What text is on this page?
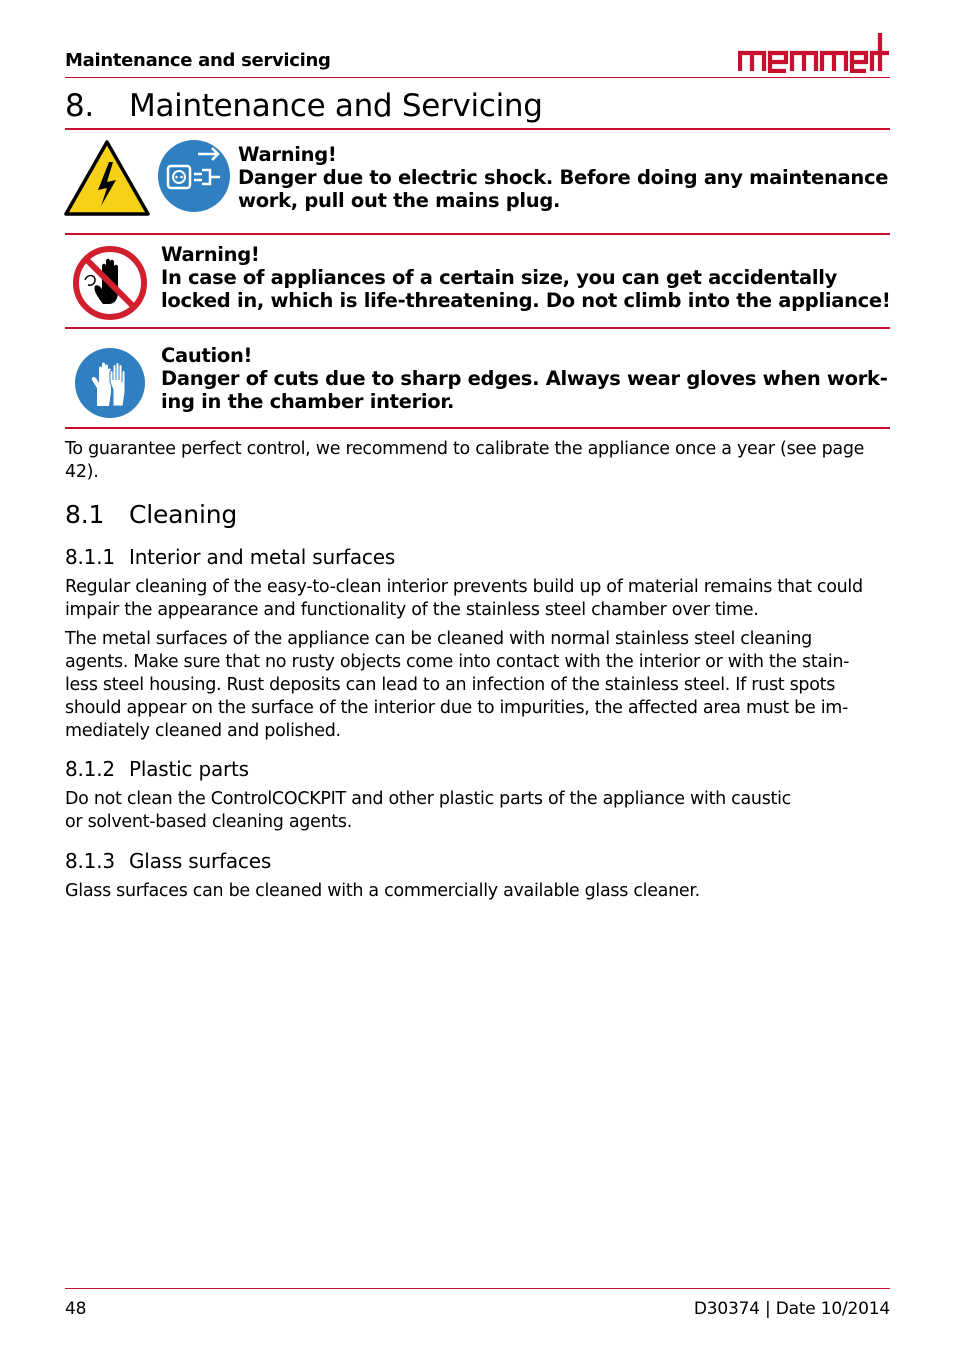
Maintenance and servicing
8. Maintenance and Servicing
Warning!
Danger due to electric shock. Before doing any maintenance
work, pull out the mains plug.
Warning!
In case of appliances of a certain size, you can get accidentally
locked in, which is life-threatening. Do not climb into the appliance!
Caution!
Danger of cuts due to sharp edges. Always wear gloves when work-
ing in the chamber interior.
To guarantee perfect control, we recommend to calibrate the appliance once a year (see page
42).
8.1 Cleaning
8.1.1 Interior and metal surfaces
Regular cleaning of the easy-to-clean interior prevents build up of material remains that could
impair the appearance and functionality of the stainless steel chamber over time.
The metal surfaces of the appliance can be cleaned with normal stainless steel cleaning
agents. Make sure that no rusty objects come into contact with the interior or with the stain-
less steel housing. Rust deposits can lead to an infection of the stainless steel. If rust spots
should appear on the surface of the interior due to impurities, the affected area must be im-
mediately cleaned and polished.
8.1.2 Plastic parts
Do not clean the ControlCOCKPIT and other plastic parts of the appliance with caustic
or solvent-based cleaning agents.
8.1.3 Glass surfaces
Glass surfaces can be cleaned with a commercially available glass cleaner.
48	D30374 | Date 10/2014
